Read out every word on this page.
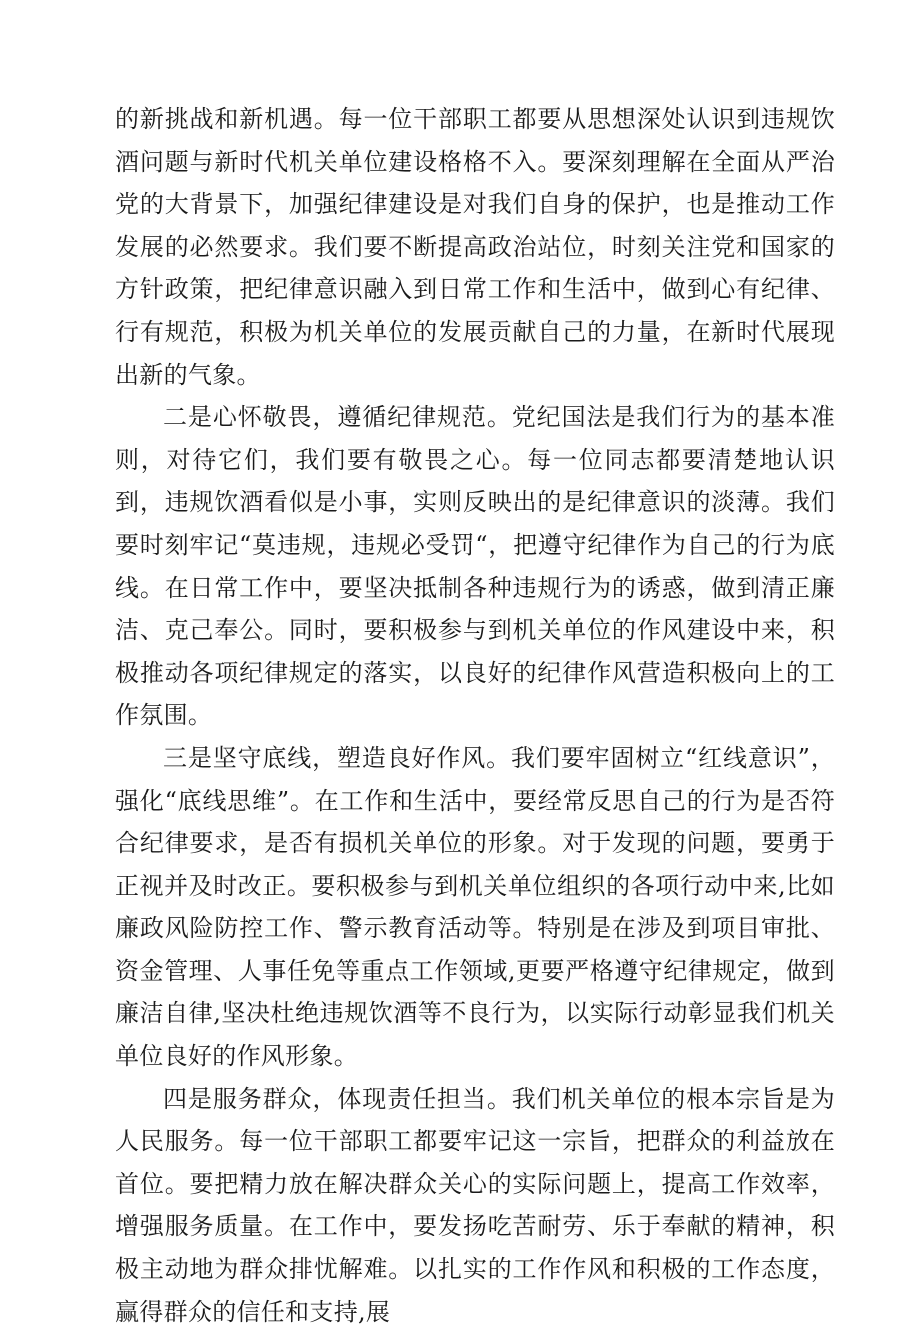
的新挑战和新机遇。每一位干部职工都要从思想深处认识到违规饮酒问题与新时代机关单位建设格格不入。要深刻理解在全面从严治党的大背景下，加强纪律建设是对我们自身的保护，也是推动工作发展的必然要求。我们要不断提高政治站位，时刻关注党和国家的方针政策，把纪律意识融入到日常工作和生活中，做到心有纪律、行有规范，积极为机关单位的发展贡献自己的力量，在新时代展现出新的气象。

二是心怀敬畏，遵循纪律规范。党纪国法是我们行为的基本准则，对待它们，我们要有敬畏之心。每一位同志都要清楚地认识到，违规饮酒看似是小事，实则反映出的是纪律意识的淡薄。我们要时刻牢记“莫违规，违规必受罚“，把遵守纪律作为自己的行为底线。在日常工作中，要坚决抵制各种违规行为的诱惑，做到清正廉洁、克己奉公。同时，要积极参与到机关单位的作风建设中来，积极推动各项纪律规定的落实，以良好的纪律作风营造积极向上的工作氛围。

三是坚守底线，塑造良好作风。我们要牢固树立“红线意识”，强化“底线思维”。在工作和生活中，要经常反思自己的行为是否符合纪律要求，是否有损机关单位的形象。对于发现的问题，要勇于正视并及时改正。要积极参与到机关单位组织的各项行动中来,比如廉政风险防控工作、警示教育活动等。特别是在涉及到项目审批、资金管理、人事任免等重点工作领域,更要严格遵守纪律规定，做到廉洁自律,坚决杜绝违规饮酒等不良行为，以实际行动彰显我们机关单位良好的作风形象。

四是服务群众，体现责任担当。我们机关单位的根本宗旨是为人民服务。每一位干部职工都要牢记这一宗旨，把群众的利益放在首位。要把精力放在解决群众关心的实际问题上，提高工作效率，增强服务质量。在工作中，要发扬吃苦耐劳、乐于奉献的精神，积极主动地为群众排忧解难。以扎实的工作作风和积极的工作态度，赢得群众的信任和支持,展
